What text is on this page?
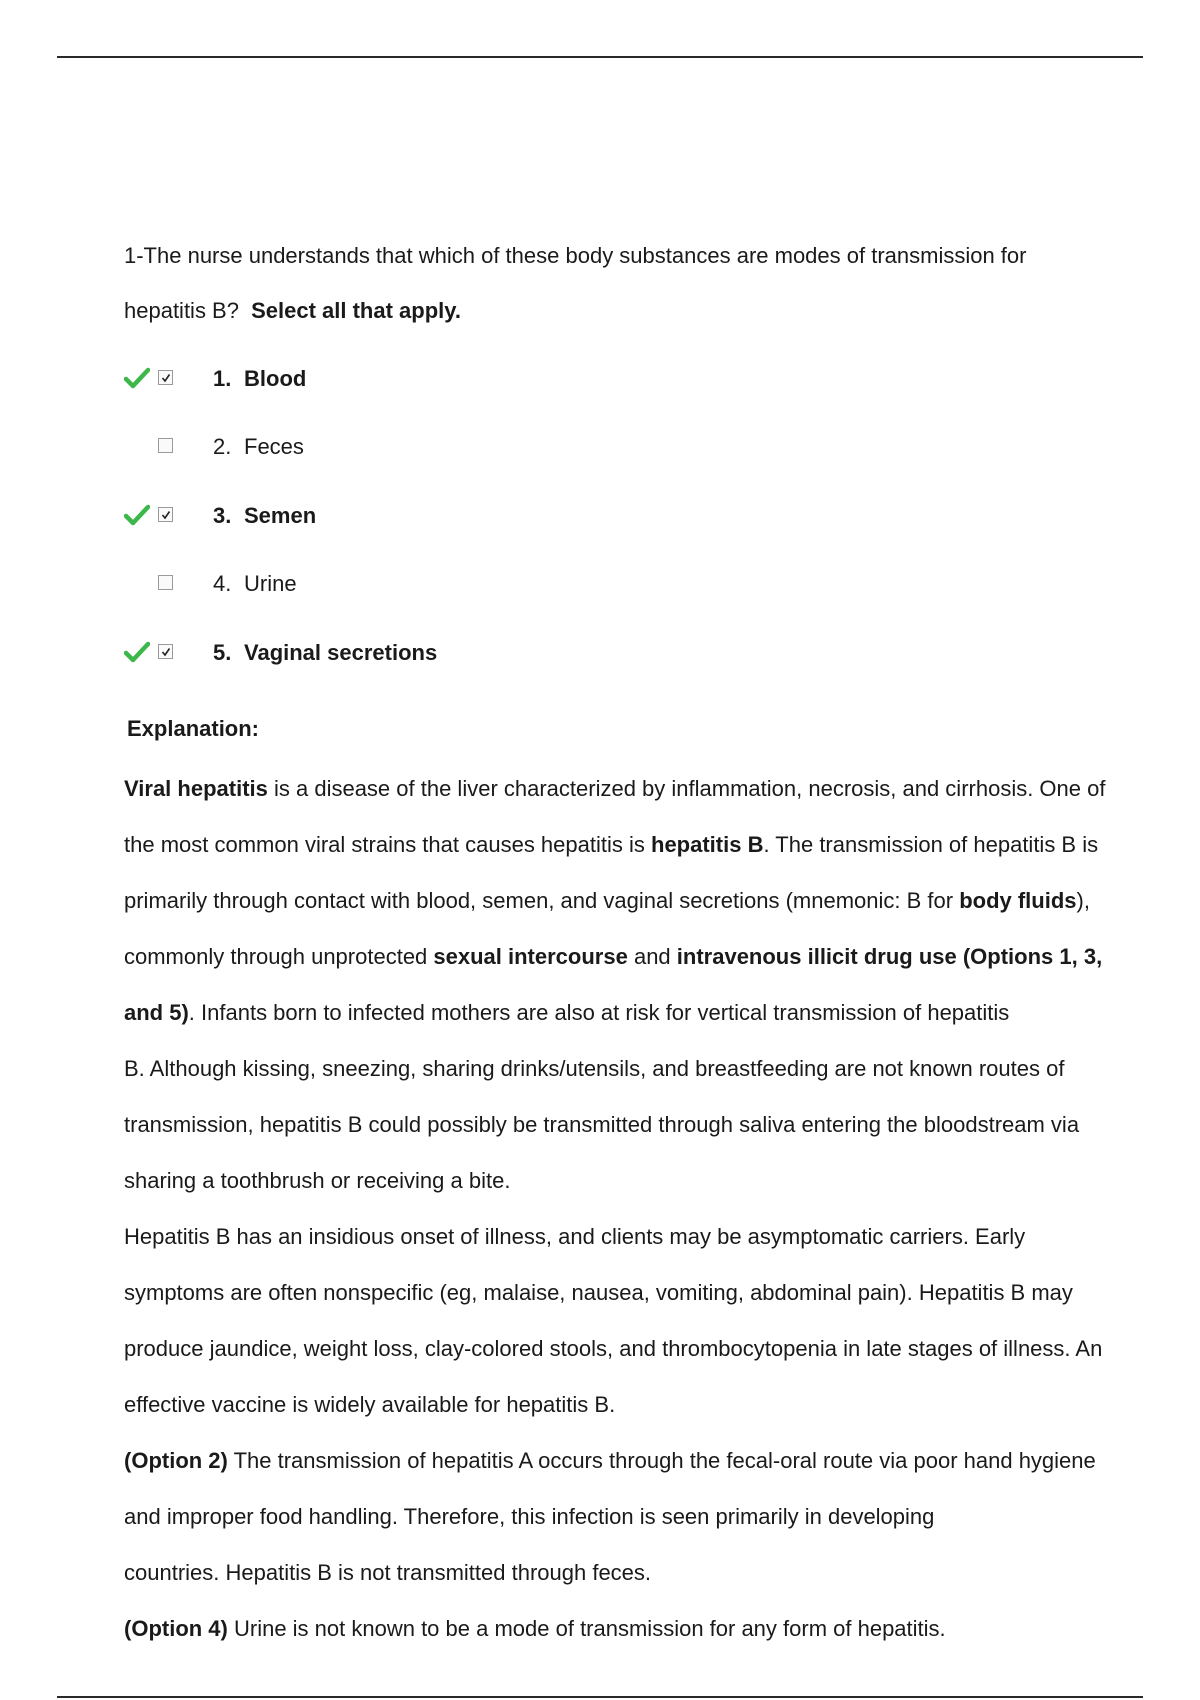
1-The nurse understands that which of these body substances are modes of transmission for
hepatitis B? Select all that apply.
1. Blood
2. Feces
3. Semen
4. Urine
5. Vaginal secretions
Explanation:
Viral hepatitis is a disease of the liver characterized by inflammation, necrosis, and cirrhosis. One of
the most common viral strains that causes hepatitis is hepatitis B. The transmission of hepatitis B is
primarily through contact with blood, semen, and vaginal secretions (mnemonic: B for body fluids),
commonly through unprotected sexual intercourse and intravenous illicit drug use (Options 1, 3,
and 5). Infants born to infected mothers are also at risk for vertical transmission of hepatitis
B. Although kissing, sneezing, sharing drinks/utensils, and breastfeeding are not known routes of
transmission, hepatitis B could possibly be transmitted through saliva entering the bloodstream via
sharing a toothbrush or receiving a bite.
Hepatitis B has an insidious onset of illness, and clients may be asymptomatic carriers. Early
symptoms are often nonspecific (eg, malaise, nausea, vomiting, abdominal pain). Hepatitis B may
produce jaundice, weight loss, clay-colored stools, and thrombocytopenia in late stages of illness. An
effective vaccine is widely available for hepatitis B.
(Option 2) The transmission of hepatitis A occurs through the fecal-oral route via poor hand hygiene
and improper food handling. Therefore, this infection is seen primarily in developing
countries. Hepatitis B is not transmitted through feces.
(Option 4) Urine is not known to be a mode of transmission for any form of hepatitis.
